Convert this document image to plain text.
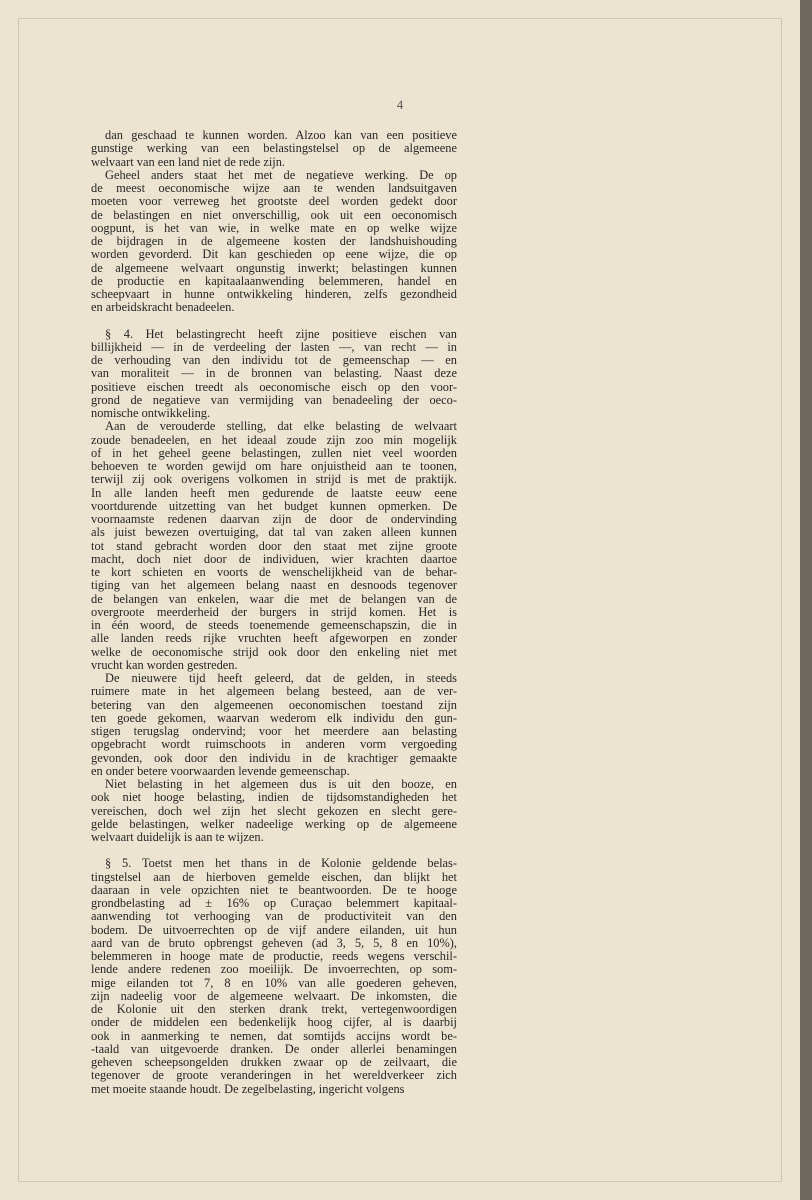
4
dan geschaad te kunnen worden. Alzoo kan van een positieve
gunstige werking van een belastingstelsel op de algemeene
welvaart van een land niet de rede zijn.
Geheel anders staat het met de negatieve werking. De op
de meest oeconomische wijze aan te wenden landsuitgaven
moeten voor verreweg het grootste deel worden gedekt door
de belastingen en niet onverschillig, ook uit een oeconomisch
oogpunt, is het van wie, in welke mate en op welke wijze
de bijdragen in de algemeene kosten der landshuishouding
worden gevorderd. Dit kan geschieden op eene wijze, die op
de algemeene welvaart ongunstig inwerkt; belastingen kunnen
de productie en kapitaalaanwending belemmeren, handel en
scheepvaart in hunne ontwikkeling hinderen, zelfs gezondheid
en arbeidskracht benadeelen.
§ 4. Het belastingrecht heeft zijne positieve eischen van
billijkheid — in de verdeeling der lasten —, van recht — in
de verhouding van den individu tot de gemeenschap — en
van moraliteit — in de bronnen van belasting. Naast deze
positieve eischen treedt als oeconomische eisch op den voor-
grond de negatieve van vermijding van benadeeling der oeco-
nomische ontwikkeling.
Aan de verouderde stelling, dat elke belasting de welvaart
zoude benadeelen, en het ideaal zoude zijn zoo min mogelijk
of in het geheel geene belastingen, zullen niet veel woorden
behoeven te worden gewijd om hare onjuistheid aan te toonen,
terwijl zij ook overigens volkomen in strijd is met de praktijk.
In alle landen heeft men gedurende de laatste eeuw eene
voortdurende uitzetting van het budget kunnen opmerken. De
voornaamste redenen daarvan zijn de door de ondervinding
als juist bewezen overtuiging, dat tal van zaken alleen kunnen
tot stand gebracht worden door den staat met zijne groote
macht, doch niet door de individuen, wier krachten daartoe
te kort schieten en voorts de wenschelijkheid van de behar-
tiging van het algemeen belang naast en desnoods tegenover
de belangen van enkelen, waar die met de belangen van de
overgroote meerderheid der burgers in strijd komen. Het is
in één woord, de steeds toenemende gemeenschapszin, die in
alle landen reeds rijke vruchten heeft afgeworpen en zonder
welke de oeconomische strijd ook door den enkeling niet met
vrucht kan worden gestreden.
De nieuwere tijd heeft geleerd, dat de gelden, in steeds
ruimere mate in het algemeen belang besteed, aan de ver-
betering van den algemeenen oeconomischen toestand zijn
ten goede gekomen, waarvan wederom elk individu den gun-
stigen terugslag ondervind; voor het meerdere aan belasting
opgebracht wordt ruimschoots in anderen vorm vergoeding
gevonden, ook door den individu in de krachtiger gemaakte
en onder betere voorwaarden levende gemeenschap.
Niet belasting in het algemeen dus is uit den booze, en
ook niet hooge belasting, indien de tijdsomstandigheden het
vereischen, doch wel zijn het slecht gekozen en slecht gere-
gelde belastingen, welker nadeelige werking op de algemeene
welvaart duidelijk is aan te wijzen.
§ 5. Toetst men het thans in de Kolonie geldende belas-
tingstelsel aan de hierboven gemelde eischen, dan blijkt het
daaraan in vele opzichten niet te beantwoorden. De te hooge
grondbelasting ad ± 16% op Curaçao belemmert kapitaal-
aanwending tot verhooging van de productiviteit van den
bodem. De uitvoerrechten op de vijf andere eilanden, uit hun
aard van de bruto opbrengst geheven (ad 3, 5, 5, 8 en 10%),
belemmeren in hooge mate de productie, reeds wegens verschil-
lende andere redenen zoo moeilijk. De invoerrechten, op som-
mige eilanden tot 7, 8 en 10% van alle goederen geheven,
zijn nadeelig voor de algemeene welvaart. De inkomsten, die
de Kolonie uit den sterken drank trekt, vertegenwoordigen
onder de middelen een bedenkelijk hoog cijfer, al is daarbij
ook in aanmerking te nemen, dat somtijds accijns wordt be-
-taald van uitgevoerde dranken. De onder allerlei benamingen
geheven scheepsongelden drukken zwaar op de zeilvaart, die
tegenover de groote veranderingen in het wereldverkeer zich
met moeite staande houdt. De zegelbelasting, ingericht volgens
